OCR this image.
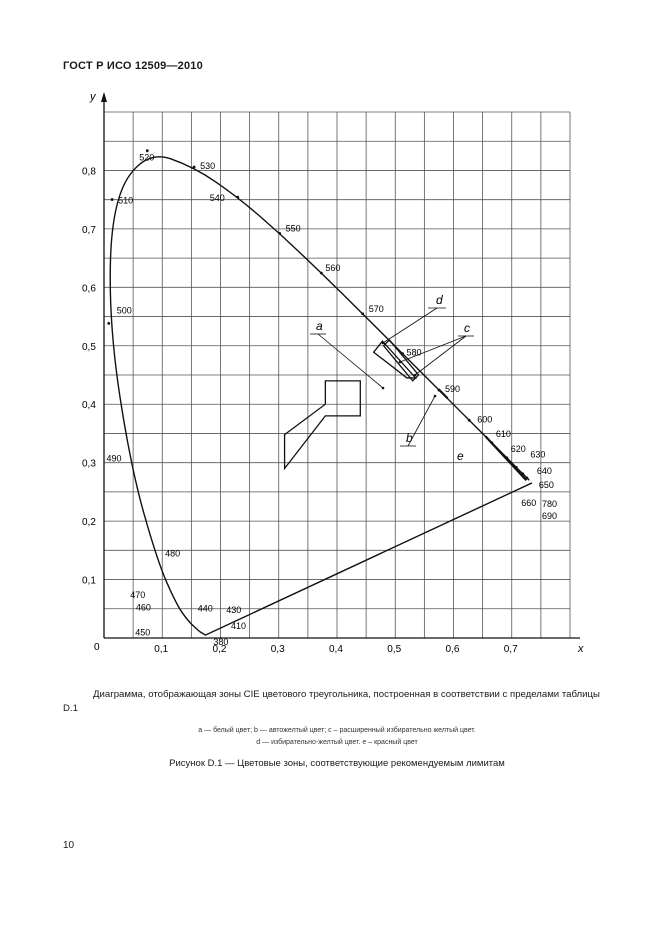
ГОСТ Р ИСО 12509—2010
y
x
0	0,1	0,2	0,3	0,4	0,5	0,6	0,7
0,1
0,2
0,3
0,4
0,5
0,6
0,7
0,8
380
410
430
440
450
460
470
480
490
500
510
520
530
540
550
560
570
580
590
600
610
620
630
640
650
660 780
690
a
b
c
d
e
Диаграмма, отображающая зоны CIE цветового треугольника, построенная в соответствии с пределами таблицы D.1
a — белый цвет; b — автожелтый цвет; c – расширенный избирательно желтый цвет.
d — избирательно-желтый цвет. e – красный цвет
Рисунок D.1 — Цветовые зоны, соответствующие рекомендуемым лимитам
10
